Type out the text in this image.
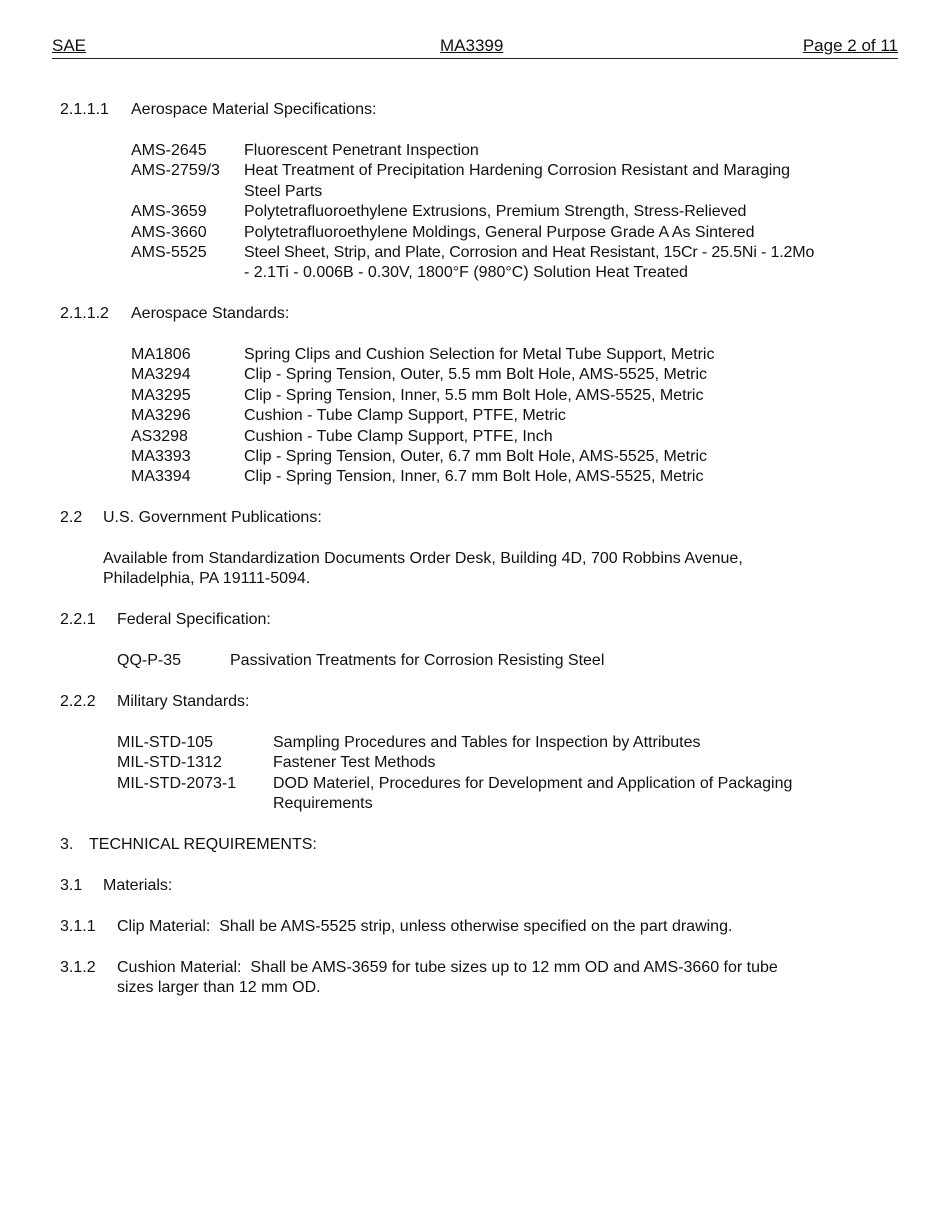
SAE	MA3399	Page 2 of 11
2.1.1.1 Aerospace Material Specifications:
AMS-2645 Fluorescent Penetrant Inspection
AMS-2759/3 Heat Treatment of Precipitation Hardening Corrosion Resistant and Maraging
Steel Parts
AMS-3659 Polytetrafluoroethylene Extrusions, Premium Strength, Stress-Relieved
AMS-3660 Polytetrafluoroethylene Moldings, General Purpose Grade A As Sintered
AMS-5525 Steel Sheet, Strip, and Plate, Corrosion and Heat Resistant, 15Cr - 25.5Ni - 1.2Mo
- 2.1Ti - 0.006B - 0.30V, 1800°F (980°C) Solution Heat Treated
2.1.1.2 Aerospace Standards:
MA1806	Spring Clips and Cushion Selection for Metal Tube Support, Metric
MA3294	Clip - Spring Tension, Outer, 5.5 mm Bolt Hole, AMS-5525, Metric
MA3295	Clip - Spring Tension, Inner, 5.5 mm Bolt Hole, AMS-5525, Metric
MA3296	Cushion - Tube Clamp Support, PTFE, Metric
AS3298	Cushion - Tube Clamp Support, PTFE, Inch
MA3393	Clip - Spring Tension, Outer, 6.7 mm Bolt Hole, AMS-5525, Metric
MA3394	Clip - Spring Tension, Inner, 6.7 mm Bolt Hole, AMS-5525, Metric
2.2 U.S. Government Publications:
Available from Standardization Documents Order Desk, Building 4D, 700 Robbins Avenue,
Philadelphia, PA 19111-5094.
2.2.1 Federal Specification:
QQ-P-35	Passivation Treatments for Corrosion Resisting Steel
2.2.2 Military Standards:
MIL-STD-105	Sampling Procedures and Tables for Inspection by Attributes
MIL-STD-1312	Fastener Test Methods
MIL-STD-2073-1 DOD Materiel, Procedures for Development and Application of Packaging
Requirements
3. TECHNICAL REQUIREMENTS:
3.1 Materials:
3.1.1 Clip Material:  Shall be AMS-5525 strip, unless otherwise specified on the part drawing.
3.1.2 Cushion Material:  Shall be AMS-3659 for tube sizes up to 12 mm OD and AMS-3660 for tube
sizes larger than 12 mm OD.
